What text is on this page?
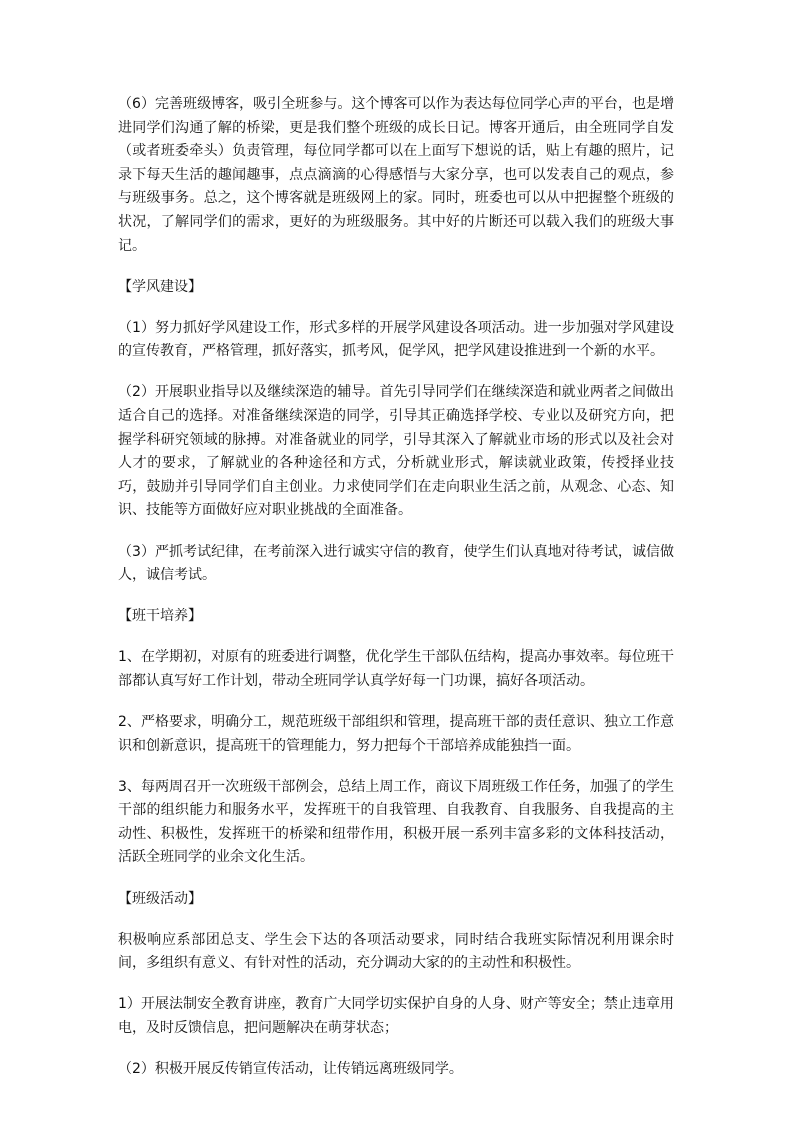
（6）完善班级博客，吸引全班参与。这个博客可以作为表达每位同学心声的平台，也是增进同学们沟通了解的桥梁，更是我们整个班级的成长日记。博客开通后，由全班同学自发（或者班委牵头）负责管理，每位同学都可以在上面写下想说的话，贴上有趣的照片，记录下每天生活的趣闻趣事，点点滴滴的心得感悟与大家分享，也可以发表自己的观点，参与班级事务。总之，这个博客就是班级网上的家。同时，班委也可以从中把握整个班级的状况，了解同学们的需求，更好的为班级服务。其中好的片断还可以载入我们的班级大事记。

【学风建设】

（1）努力抓好学风建设工作，形式多样的开展学风建设各项活动。进一步加强对学风建设的宣传教育，严格管理，抓好落实，抓考风，促学风，把学风建设推进到一个新的水平。

（2）开展职业指导以及继续深造的辅导。首先引导同学们在继续深造和就业两者之间做出适合自己的选择。对准备继续深造的同学，引导其正确选择学校、专业以及研究方向，把握学科研究领域的脉搏。对准备就业的同学，引导其深入了解就业市场的形式以及社会对人才的要求，了解就业的各种途径和方式，分析就业形式，解读就业政策，传授择业技巧，鼓励并引导同学们自主创业。力求使同学们在走向职业生活之前，从观念、心态、知识、技能等方面做好应对职业挑战的全面准备。

（3）严抓考试纪律，在考前深入进行诚实守信的教育，使学生们认真地对待考试，诚信做人，诚信考试。

【班干培养】

1、在学期初，对原有的班委进行调整，优化学生干部队伍结构，提高办事效率。每位班干部都认真写好工作计划，带动全班同学认真学好每一门功课，搞好各项活动。

2、严格要求，明确分工，规范班级干部组织和管理，提高班干部的责任意识、独立工作意识和创新意识，提高班干的管理能力，努力把每个干部培养成能独挡一面。

3、每两周召开一次班级干部例会，总结上周工作，商议下周班级工作任务，加强了的学生干部的组织能力和服务水平，发挥班干的自我管理、自我教育、自我服务、自我提高的主动性、积极性，发挥班干的桥梁和纽带作用，积极开展一系列丰富多彩的文体科技活动，活跃全班同学的业余文化生活。

【班级活动】

积极响应系部团总支、学生会下达的各项活动要求，同时结合我班实际情况利用课余时间，多组织有意义、有针对性的活动，充分调动大家的的主动性和积极性。

1）开展法制安全教育讲座，教育广大同学切实保护自身的人身、财产等安全；禁止违章用电，及时反馈信息，把问题解决在萌芽状态；

（2）积极开展反传销宣传活动，让传销远离班级同学。
